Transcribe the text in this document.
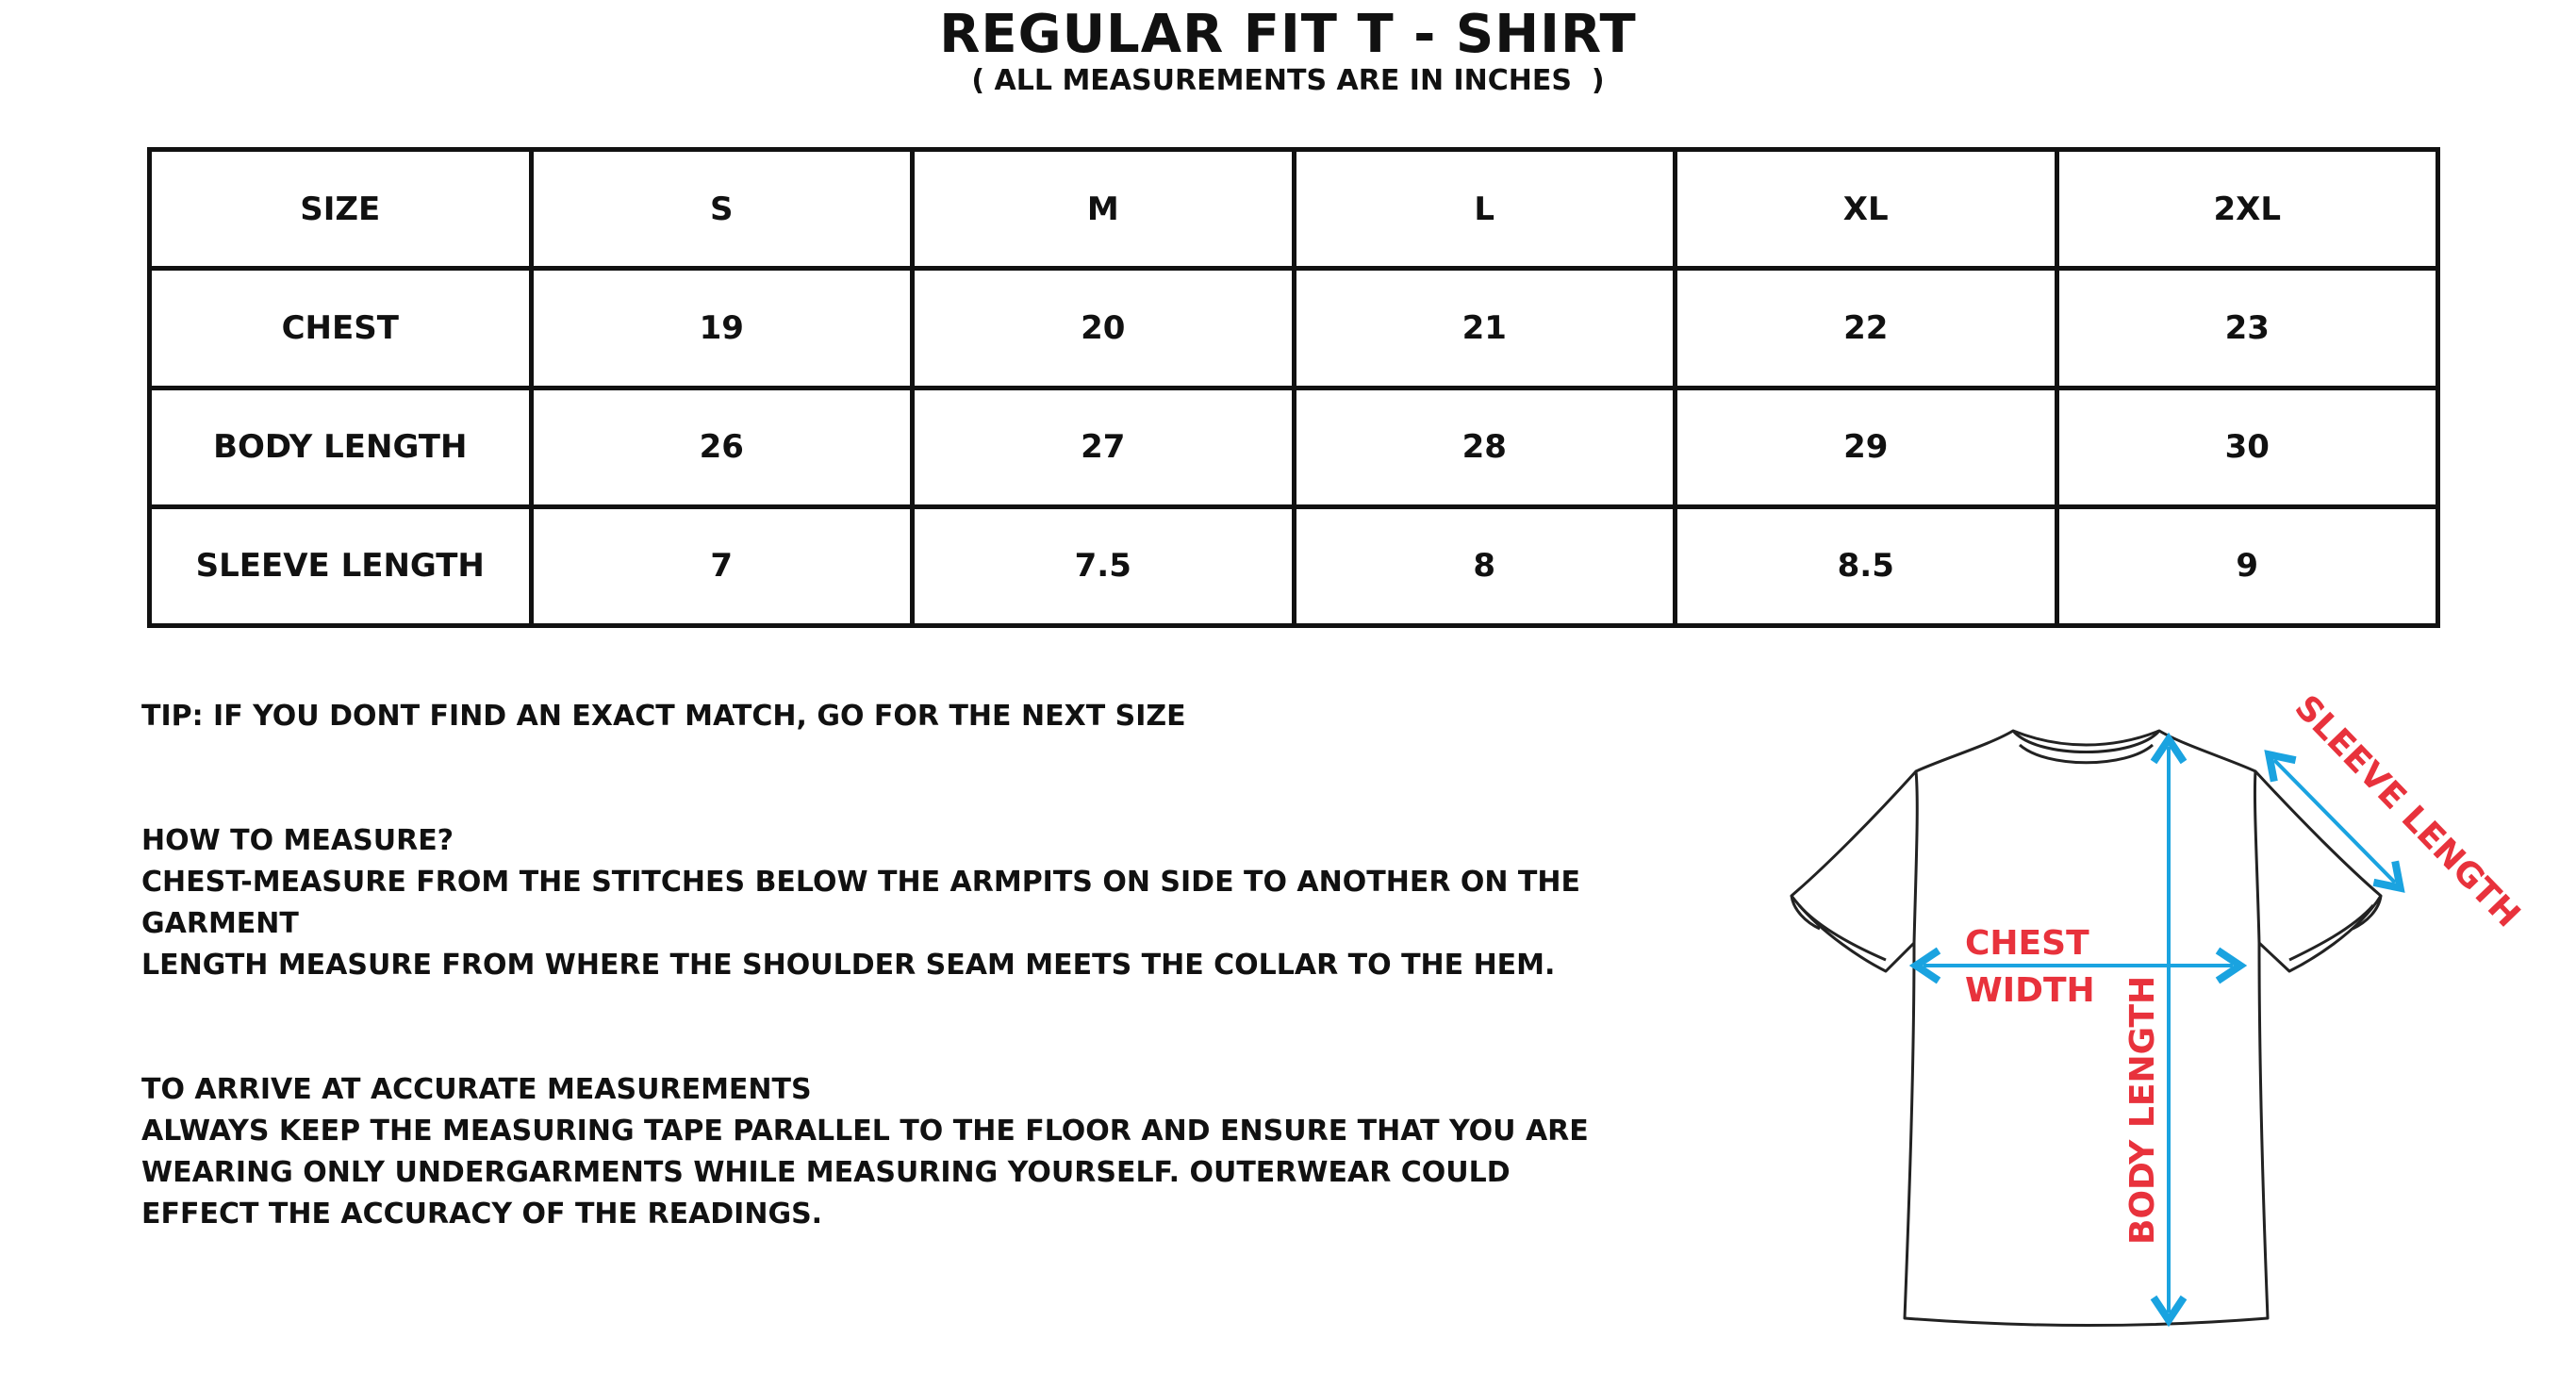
REGULAR FIT T - SHIRT
( ALL MEASUREMENTS ARE IN INCHES  )
SIZE	S	M	L	XL	2XL
CHEST	19	20	21	22	23
BODY LENGTH	26	27	28	29	30
SLEEVE LENGTH	7	7.5	8	8.5	9

TIP: IF YOU DONT FIND AN EXACT MATCH, GO FOR THE NEXT SIZE

HOW TO MEASURE?

CHEST-MEASURE FROM THE STITCHES BELOW THE ARMPITS ON SIDE TO ANOTHER ON THE GARMENT

LENGTH MEASURE FROM WHERE THE SHOULDER SEAM MEETS THE COLLAR TO THE HEM.

TO ARRIVE AT ACCURATE MEASUREMENTS

ALWAYS KEEP THE MEASURING TAPE PARALLEL TO THE FLOOR AND ENSURE THAT YOU ARE WEARING ONLY UNDERGARMENTS WHILE MEASURING YOURSELF. OUTERWEAR COULD EFFECT THE ACCURACY OF THE READINGS.

CHEST
WIDTH BODY LENGTH
SLEEVE LENGTH
